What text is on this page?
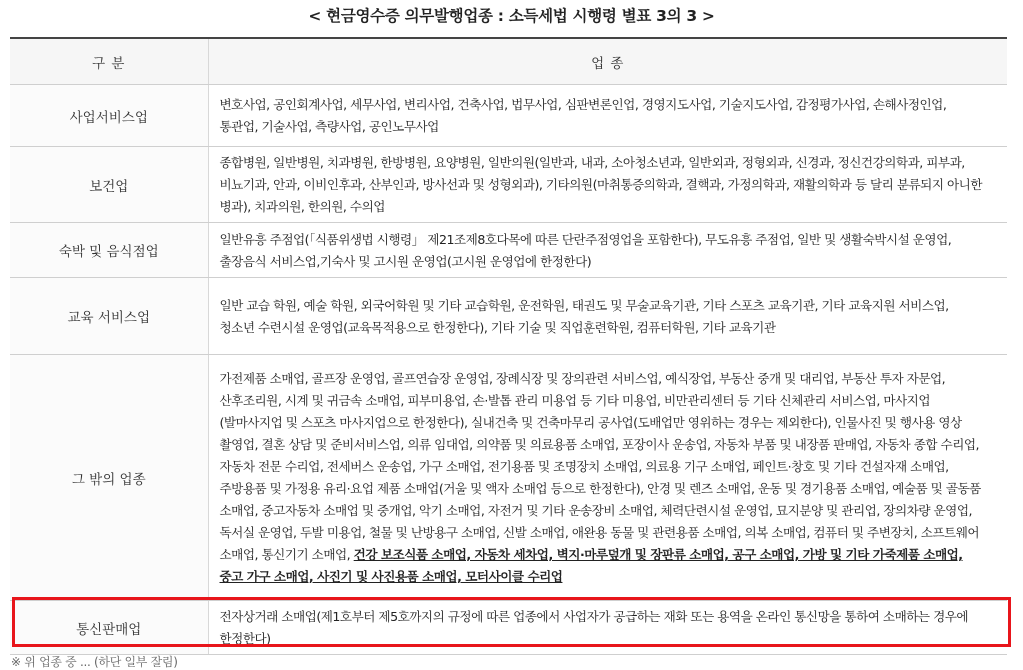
< 현금영수증 의무발행업종 : 소득세법 시행령 별표 3의 3 >
구 분	업 종
사업서비스업	변호사업, 공인회계사업, 세무사업, 변리사업, 건축사업, 법무사업, 심판변론인업, 경영지도사업, 기술지도사업, 감정평가사업, 손해사정인업, 통관업, 기술사업, 측량사업, 공인노무사업
보건업	종합병원, 일반병원, 치과병원, 한방병원, 요양병원, 일반의원(일반과, 내과, 소아청소년과, 일반외과, 정형외과, 신경과, 정신건강의학과, 피부과, 비뇨기과, 안과, 이비인후과, 산부인과, 방사선과 및 성형외과), 기타의원(마취통증의학과, 결핵과, 가정의학과, 재활의학과 등 달리 분류되지 아니한 병과), 치과의원, 한의원, 수의업
숙박 및 음식점업	일반유흥 주점업(「식품위생법 시행령」 제21조제8호다목에 따른 단란주점영업을 포함한다), 무도유흥 주점업, 일반 및 생활숙박시설 운영업, 출장음식 서비스업,기숙사 및 고시원 운영업(고시원 운영업에 한정한다)
교육 서비스업	일반 교습 학원, 예술 학원, 외국어학원 및 기타 교습학원, 운전학원, 태권도 및 무술교육기관, 기타 스포츠 교육기관, 기타 교육지원 서비스업, 청소년 수련시설 운영업(교육목적용으로 한정한다), 기타 기술 및 직업훈련학원, 컴퓨터학원, 기타 교육기관
그 밖의 업종	가전제품 소매업, 골프장 운영업, 골프연습장 운영업, 장례식장 및 장의관련 서비스업, 예식장업, 부동산 중개 및 대리업, 부동산 투자 자문업, 산후조리원, 시계 및 귀금속 소매업, 피부미용업, 손·발톱 관리 미용업 등 기타 미용업, 비만관리센터 등 기타 신체관리 서비스업, 마사지업(발마사지업 및 스포츠 마사지업으로 한정한다), 실내건축 및 건축마무리 공사업(도배업만 영위하는 경우는 제외한다), 인물사진 및 행사용 영상 촬영업, 결혼 상담 및 준비서비스업, 의류 임대업, 의약품 및 의료용품 소매업, 포장이사 운송업, 자동차 부품 및 내장품 판매업, 자동차 종합 수리업, 자동차 전문 수리업, 전세버스 운송업, 가구 소매업, 전기용품 및 조명장치 소매업, 의료용 기구 소매업, 페인트·창호 및 기타 건설자재 소매업, 주방용품 및 가정용 유리·요업 제품 소매업(거울 및 액자 소매업 등으로 한정한다), 안경 및 렌즈 소매업, 운동 및 경기용품 소매업, 예술품 및 골동품 소매업, 중고자동차 소매업 및 중개업, 악기 소매업, 자전거 및 기타 운송장비 소매업, 체력단련시설 운영업, 묘지분양 및 관리업, 장의차량 운영업, 독서실 운영업, 두발 미용업, 철물 및 난방용구 소매업, 신발 소매업, 애완용 동물 및 관련용품 소매업, 의복 소매업, 컴퓨터 및 주변장치, 소프트웨어 소매업, 통신기기 소매업, 건강 보조식품 소매업, 자동차 세차업, 벽지·마루덮개 및 장판류 소매업, 공구 소매업, 가방 및 기타 가죽제품 소매업, 중고 가구 소매업, 사진기 및 사진용품 소매업, 모터사이클 수리업
통신판매업	전자상거래 소매업(제1호부터 제5호까지의 규정에 따른 업종에서 사업자가 공급하는 재화 또는 용역을 온라인 통신망을 통하여 소매하는 경우에 한정한다)
※ 위 업종 중 ... (하단 일부 잘림)
